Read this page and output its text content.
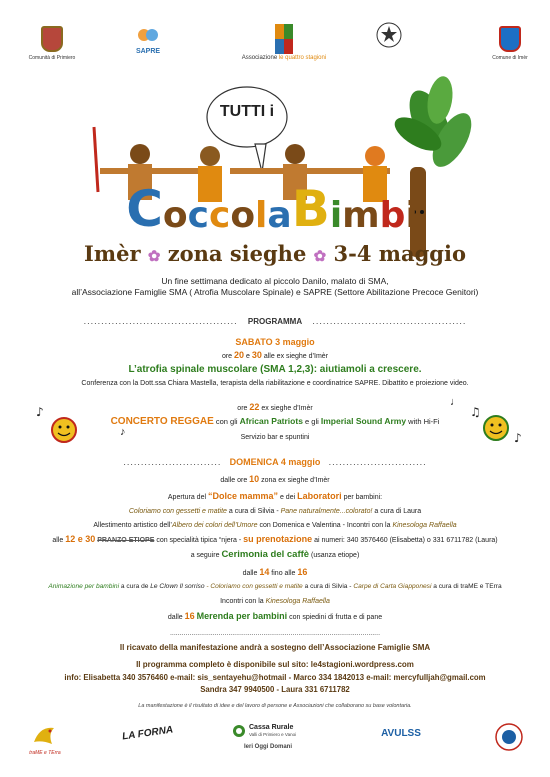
Comunità di Primiero
SAPRE
Associazione le quattro stagioni	Comune di Imèr
TUTTI i
C o c c o l a B i m b i
Imèr ✿ zona sieghe ✿ 3-4 maggio
Un fine settimana dedicato al piccolo Danilo, malato di SMA,
all’Associazione Famiglie SMA ( Atrofia Muscolare Spinale) e SAPRE (Settore Abilitazione Precoce Genitori)
............................................ PROGRAMMA ............................................
SABATO 3 maggio
ore 20 e 30 alle ex sieghe d’Imèr
L’atrofia spinale muscolare (SMA 1,2,3): aiutiamoli a crescere.
Conferenza con la Dott.ssa Chiara Mastella, terapista della riabilitazione e coordinatrice SAPRE. Dibattito e proiezione video.
ore 22 ex sieghe d’Imèr
♪	♫
♪
♪
♩
CONCERTO REGGAE con gli African Patriots e gli Imperial Sound Army with Hi-Fi
Servizio bar e spuntini
............................ DOMENICA 4 maggio ............................
dalle ore 10 zona ex sieghe d’Imèr
Apertura del “Dolce mamma” e dei Laboratori per bambini:
Coloriamo con gessetti e matite a cura di Silvia - Pane naturalmente...colorato! a cura di Laura
Allestimento artistico dell’Albero dei colori dell’Umore con Domenica e Valentina - Incontri con la Kinesologa Raffaella
alle 12 e 30 PRANZO ETIOPE con specialità tipica “njera - su prenotazione ai numeri: 340 3576460 (Elisabetta) o 331 6711782 (Laura)
a seguire Cerimonia del caffè (usanza etiope)
dalle 14 fino alle 16
Animazione per bambini a cura de Le Clown Il sorriso - Coloriamo con gessetti e matite a cura di Silvia - Carpe di Carta Giapponesi a cura di traME e TErra
Incontri con la Kinesologa Raffaella
dalle 16 Merenda per bambini con spiedini di frutta e di pane
............................................................................................................
Il ricavato della manifestazione andrà a sostegno dell’Associazione Famiglie SMA
Il programma completo è disponibile sul sito: le4stagioni.wordpress.com
info: Elisabetta 340 3576460 e-mail: sis_sentayehu@hotmail - Marco 334 1842013 e-mail: mercyfulljah@gmail.com
Sandra 347 9940500 - Laura 331 6711782
La manifestazione è il risultato di idee e del lavoro di persone e Associazioni che collaborano su base volontaria.
traME e TErra
LA FORNA	Cassa Rurale
Valli di Primiero e Vanoi
Ieri Oggi Domani
AVULSS
